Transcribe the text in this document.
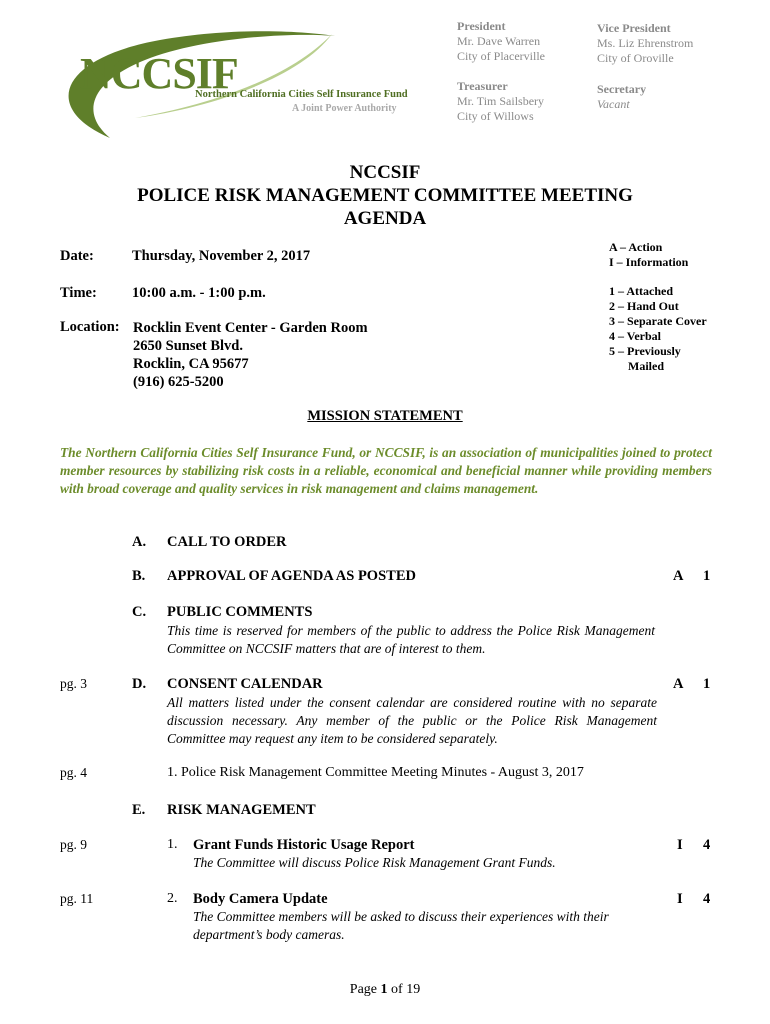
NCCSIF
Northern California Cities Self Insurance Fund
A Joint Power Authority
President
Mr. Dave Warren
City of Placerville
Vice President
Ms. Liz Ehrenstrom
City of Oroville
Treasurer
Mr. Tim Sailsbery
City of Willows
Secretary
Vacant
NCCSIF
POLICE RISK MANAGEMENT COMMITTEE MEETING
AGENDA
Date:	Thursday, November 2, 2017
Time: 10:00 a.m. - 1:00 p.m.
Location: Rocklin Event Center - Garden Room
2650 Sunset Blvd.
Rocklin, CA 95677
(916) 625-5200
A – Action
I – Information
1 – Attached
2 – Hand Out
3 – Separate Cover
4 – Verbal
5 – Previously
Mailed
MISSION STATEMENT
The Northern California Cities Self Insurance Fund, or NCCSIF, is an association of municipalities joined to protect member resources by stabilizing risk costs in a reliable, economical and beneficial manner while providing members with broad coverage and quality services in risk management and claims management.
A. CALL TO ORDER
B. APPROVAL OF AGENDA AS POSTED	A 1
C. PUBLIC COMMENTS
This time is reserved for members of the public to address the Police Risk Management Committee on NCCSIF matters that are of interest to them.
pg. 3	D. CONSENT CALENDAR	A 1
All matters listed under the consent calendar are considered routine with no separate discussion necessary. Any member of the public or the Police Risk Management Committee may request any item to be considered separately.
pg. 4	1. Police Risk Management Committee Meeting Minutes - August 3, 2017
E. RISK MANAGEMENT
pg. 9	1. Grant Funds Historic Usage Report	I 4
The Committee will discuss Police Risk Management Grant Funds.
pg. 11	2. Body Camera Update	I 4
The Committee members will be asked to discuss their experiences with their department’s body cameras.
Page 1 of 19
